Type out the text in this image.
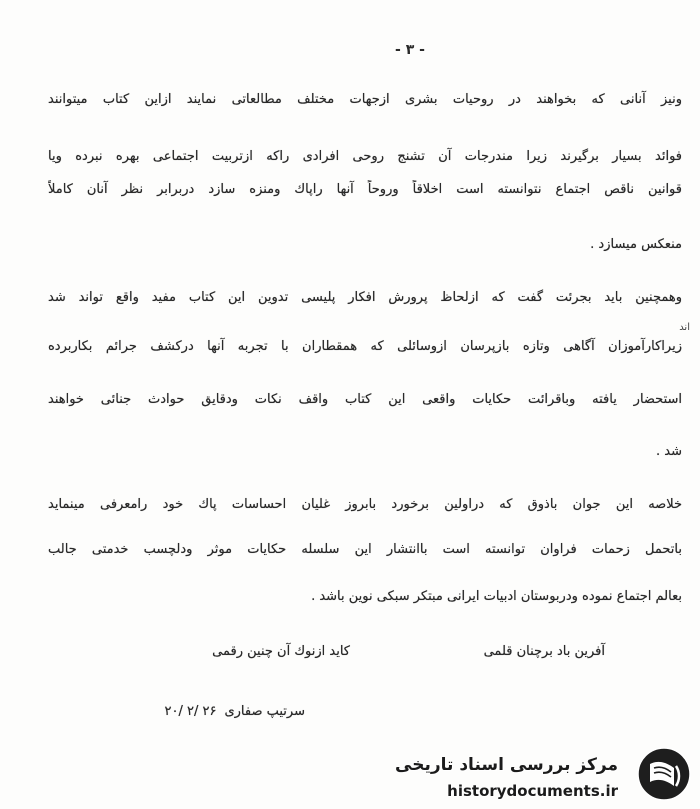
- ۳ -
ونیز آنانی که بخواهند در روحیات بشری ازجهات مختلف مطالعاتی نمایند ازاین کتاب میتوانند
فوائد بسیار برگیرند زیرا مندرجات آن تشنج روحی افرادی راکه ازتربیت اجتماعی بهره نبرده ویا
قوانین ناقص اجتماع نتوانسته است اخلاقاً وروحاً آنها راپاك ومنزه سازد دربرابر نظر آنان کاملاً
منعکس میسازد .
وهمچنین باید بجرئت گفت که ازلحاظ پرورش افکار پلیسی تدوین این کتاب مفید واقع تواند شد
زیراکارآموزان آگاهی وتازه بازپرسان ازوسائلی که همقطاران با تجربه آنها درکشف جرائم بکاربرده
اند
استحضار یافته وباقرائت حکایات واقعی این کتاب واقف نکات ودقایق حوادث جنائی خواهند
شد .
خلاصه این جوان باذوق که دراولین برخورد بابروز غلیان احساسات پاك خود رامعرفی مینماید
باتحمل زحمات فراوان توانسته است باانتشار این سلسله حکایات موثر ودلچسب خدمتی جالب
بعالم اجتماع نموده ودربوستان ادبیات ایرانی مبتکر سبکی نوین باشد .
آفرین باد برچنان قلمی
کاید ازنوك آن چنین رقمی
سرتیپ صفاری
۲۰/ ۲/ ۲۶
مرکز بررسی اسناد تاریخی
historydocuments.ir
